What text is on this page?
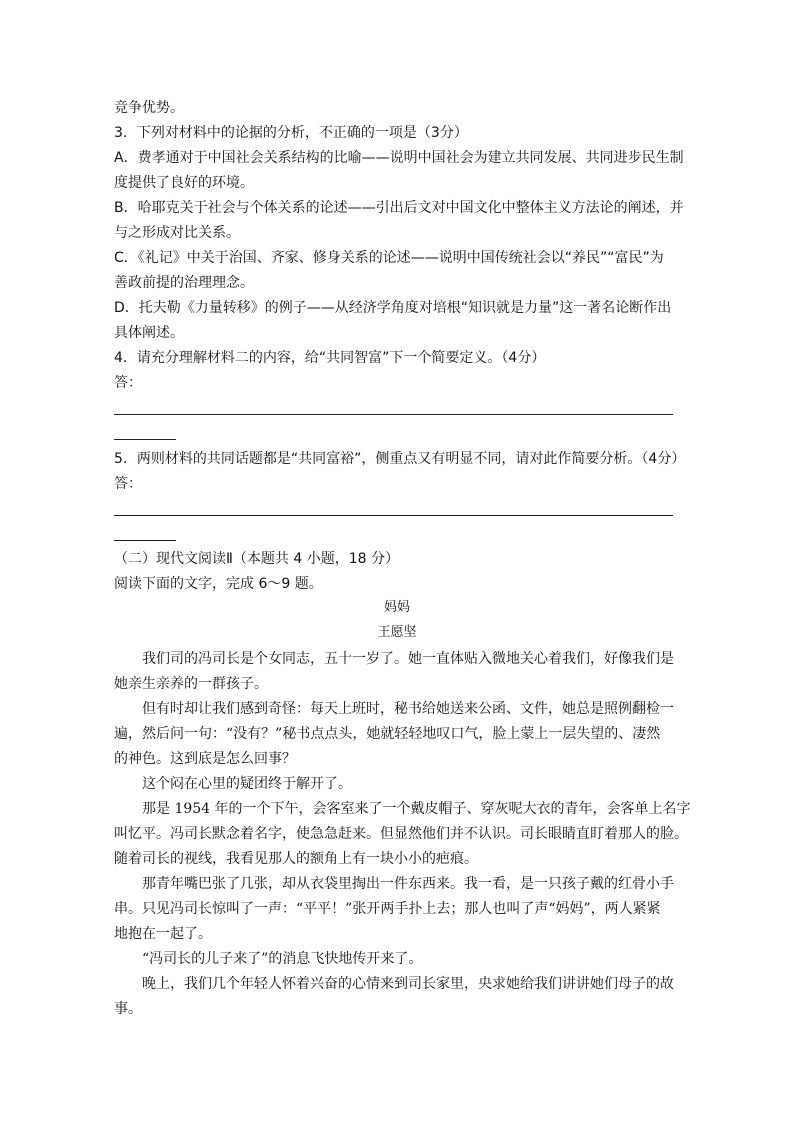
竞争优势。
3．下列对材料中的论据的分析，不正确的一项是（3分）
A．费孝通对于中国社会关系结构的比喻——说明中国社会为建立共同发展、共同进步民生制
度提供了良好的环境。
B．哈耶克关于社会与个体关系的论述——引出后文对中国文化中整体主义方法论的阐述，并
与之形成对比关系。
C．《礼记》中关于治国、齐家、修身关系的论述——说明中国传统社会以“养民”“富民”为
善政前提的治理理念。
D．托夫勒《力量转移》的例子——从经济学角度对培根“知识就是力量”这一著名论断作出
具体阐述。
4．请充分理解材料二的内容，给“共同智富”下一个简要定义。（4分）
答：
5．两则材料的共同话题都是“共同富裕”，侧重点又有明显不同，请对此作简要分析。（4分）
答：
（二）现代文阅读Ⅱ（本题共 4 小题，18 分）
阅读下面的文字，完成 6～9 题。
妈妈
王愿坚
我们司的冯司长是个女同志，五十一岁了。她一直体贴入微地关心着我们，好像我们是
她亲生亲养的一群孩子。
但有时却让我们感到奇怪：每天上班时，秘书给她送来公函、文件，她总是照例翻检一
遍，然后问一句：“没有？”秘书点点头，她就轻轻地叹口气，脸上蒙上一层失望的、凄然
的神色。这到底是怎么回事？
这个闷在心里的疑团终于解开了。
那是 1954 年的一个下午，会客室来了一个戴皮帽子、穿灰呢大衣的青年，会客单上名字
叫忆平。冯司长默念着名字，使急急赶来。但显然他们并不认识。司长眼睛直盯着那人的脸。
随着司长的视线，我看见那人的额角上有一块小小的疤痕。
那青年嘴巴张了几张，却从衣袋里掏出一件东西来。我一看，是一只孩子戴的红骨小手
串。只见冯司长惊叫了一声：“平平！”张开两手扑上去；那人也叫了声“妈妈”，两人紧紧
地抱在一起了。
“冯司长的儿子来了”的消息飞快地传开来了。
晚上，我们几个年轻人怀着兴奋的心情来到司长家里，央求她给我们讲讲她们母子的故
事。
